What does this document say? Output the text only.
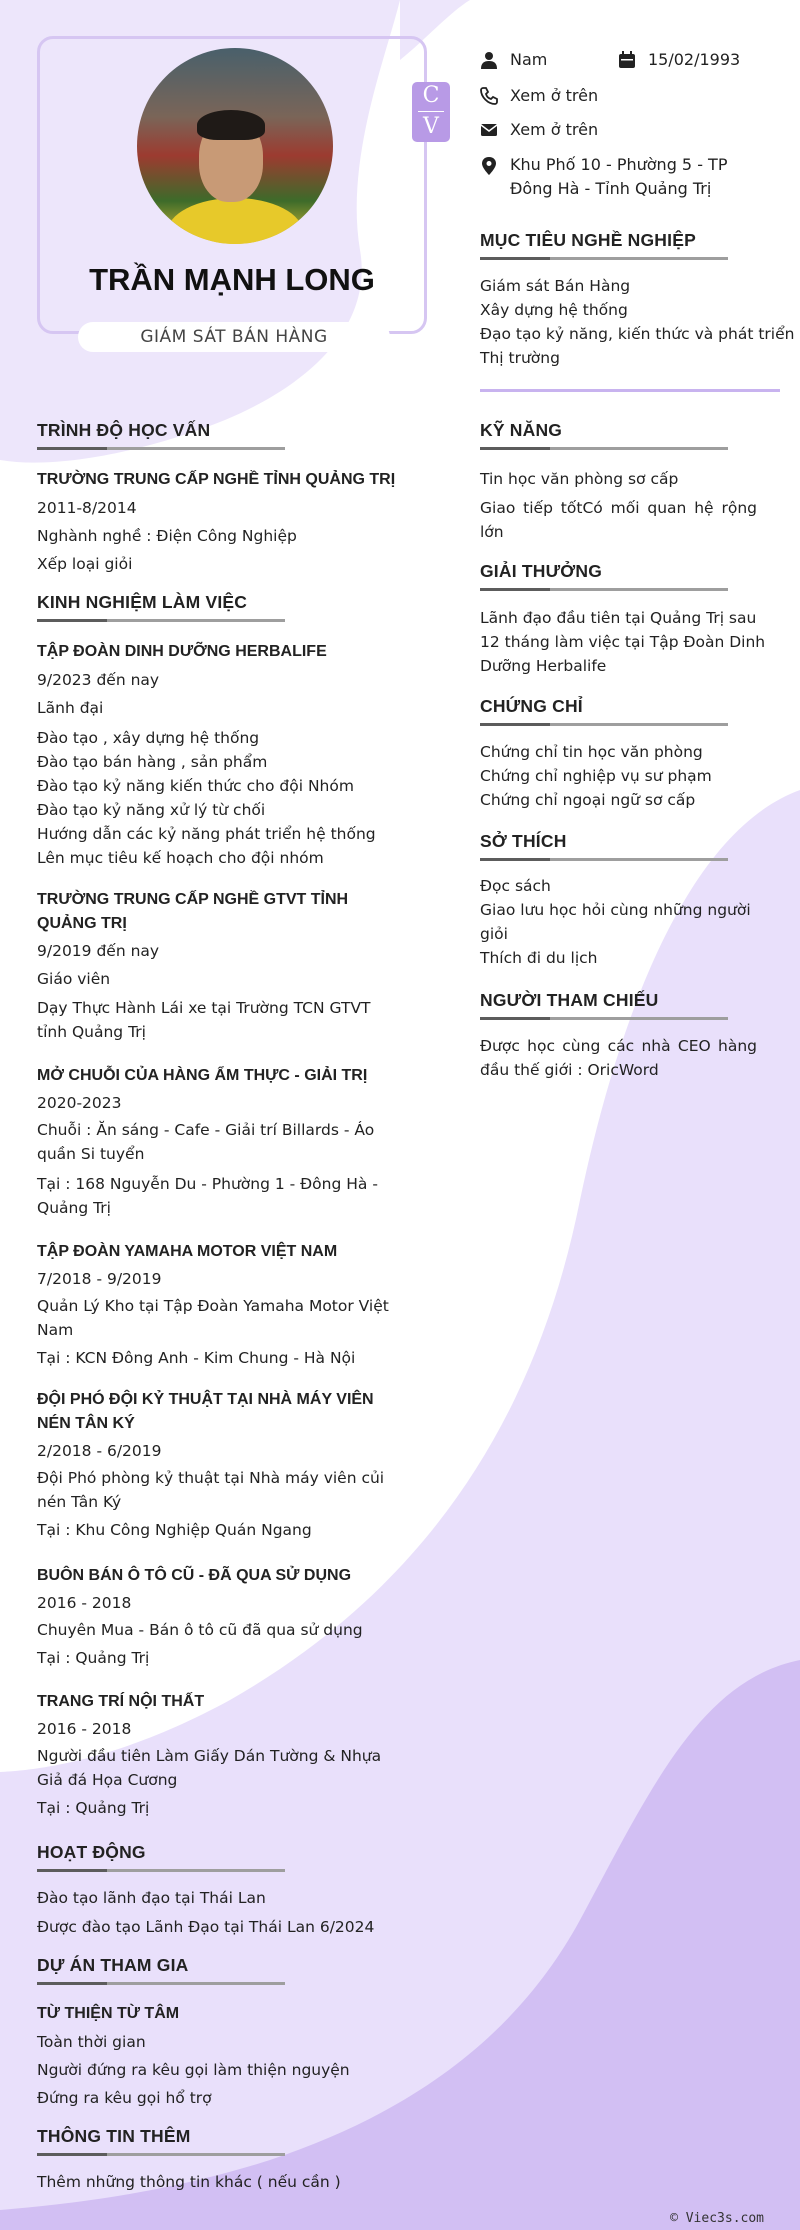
C
V
TRẦN MẠNH LONG
GIÁM SÁT BÁN HÀNG
Nam	15/02/1993
Xem ở trên
Xem ở trên
Khu Phố 10 - Phường 5 - TP
Đông Hà - Tỉnh Quảng Trị
MỤC TIÊU NGHỀ NGHIỆP
Giám sát Bán Hàng
Xây dựng hệ thống
Đạo tạo kỷ năng, kiến thức và phát triển
Thị trường
TRÌNH ĐỘ HỌC VẤN
TRƯỜNG TRUNG CẤP NGHỀ TỈNH QUẢNG TRỊ
2011-8/2014
Nghành nghề : Điện Công Nghiệp
Xếp loại giỏi
KINH NGHIỆM LÀM VIỆC
TẬP ĐOÀN DINH DƯỠNG HERBALIFE
9/2023 đến nay
Lãnh đại
Đào tạo , xây dựng hệ thống
Đào tạo bán hàng , sản phẩm
Đào tạo kỷ năng kiến thức cho đội Nhóm
Đào tạo kỷ năng xử lý từ chối
Hướng dẫn các kỷ năng phát triển hệ thống
Lên mục tiêu kế hoạch cho đội nhóm
TRƯỜNG TRUNG CẤP NGHỀ GTVT TỈNH
QUẢNG TRỊ
9/2019 đến nay
Giáo viên
Dạy Thực Hành Lái xe tại Trường TCN GTVT
tỉnh Quảng Trị
MỞ CHUỖI CỦA HÀNG ẨM THỰC - GIẢI TRỊ
2020-2023
Chuỗi : Ăn sáng - Cafe - Giải trí Billards - Áo
quần Si tuyển
Tại : 168 Nguyễn Du - Phường 1 - Đông Hà -
Quảng Trị
TẬP ĐOÀN YAMAHA MOTOR VIỆT NAM
7/2018 - 9/2019
Quản Lý Kho tại Tập Đoàn Yamaha Motor Việt
Nam
Tại : KCN Đông Anh - Kim Chung - Hà Nội
ĐỘI PHÓ ĐỘI KỶ THUẬT TẠI NHÀ MÁY VIÊN
NÉN TÂN KÝ
2/2018 - 6/2019
Đội Phó phòng kỷ thuật tại Nhà máy viên củi
nén Tân Ký
Tại : Khu Công Nghiệp Quán Ngang
BUÔN BÁN Ô TÔ CŨ - ĐÃ QUA SỬ DỤNG
2016 - 2018
Chuyên Mua - Bán ô tô cũ đã qua sử dụng
Tại : Quảng Trị
TRANG TRÍ NỘI THẤT
2016 - 2018
Người đầu tiên Làm Giấy Dán Tường & Nhựa
Giả đá Họa Cương
Tại : Quảng Trị
HOẠT ĐỘNG
Đào tạo lãnh đạo tại Thái Lan
Được đào tạo Lãnh Đạo tại Thái Lan 6/2024
DỰ ÁN THAM GIA
TỪ THIỆN TỪ TÂM
Toàn thời gian
Người đứng ra kêu gọi làm thiện nguyện
Đứng ra kêu gọi hổ trợ
THÔNG TIN THÊM
Thêm những thông tin khác ( nếu cần )
KỸ NĂNG
Tin học văn phòng sơ cấp
Giao tiếp tốtCó mối quan hệ rộng
lớn
GIẢI THƯỞNG
Lãnh đạo đầu tiên tại Quảng Trị sau
12 tháng làm việc tại Tập Đoàn Dinh
Dưỡng Herbalife
CHỨNG CHỈ
Chứng chỉ tin học văn phòng
Chứng chỉ nghiệp vụ sư phạm
Chứng chỉ ngoại ngữ sơ cấp
SỞ THÍCH
Đọc sách
Giao lưu học hỏi cùng những người
giỏi
Thích đi du lịch
NGƯỜI THAM CHIẾU
Được học cùng các nhà CEO hàng
đầu thế giới : OricWord
© Viec3s.com
